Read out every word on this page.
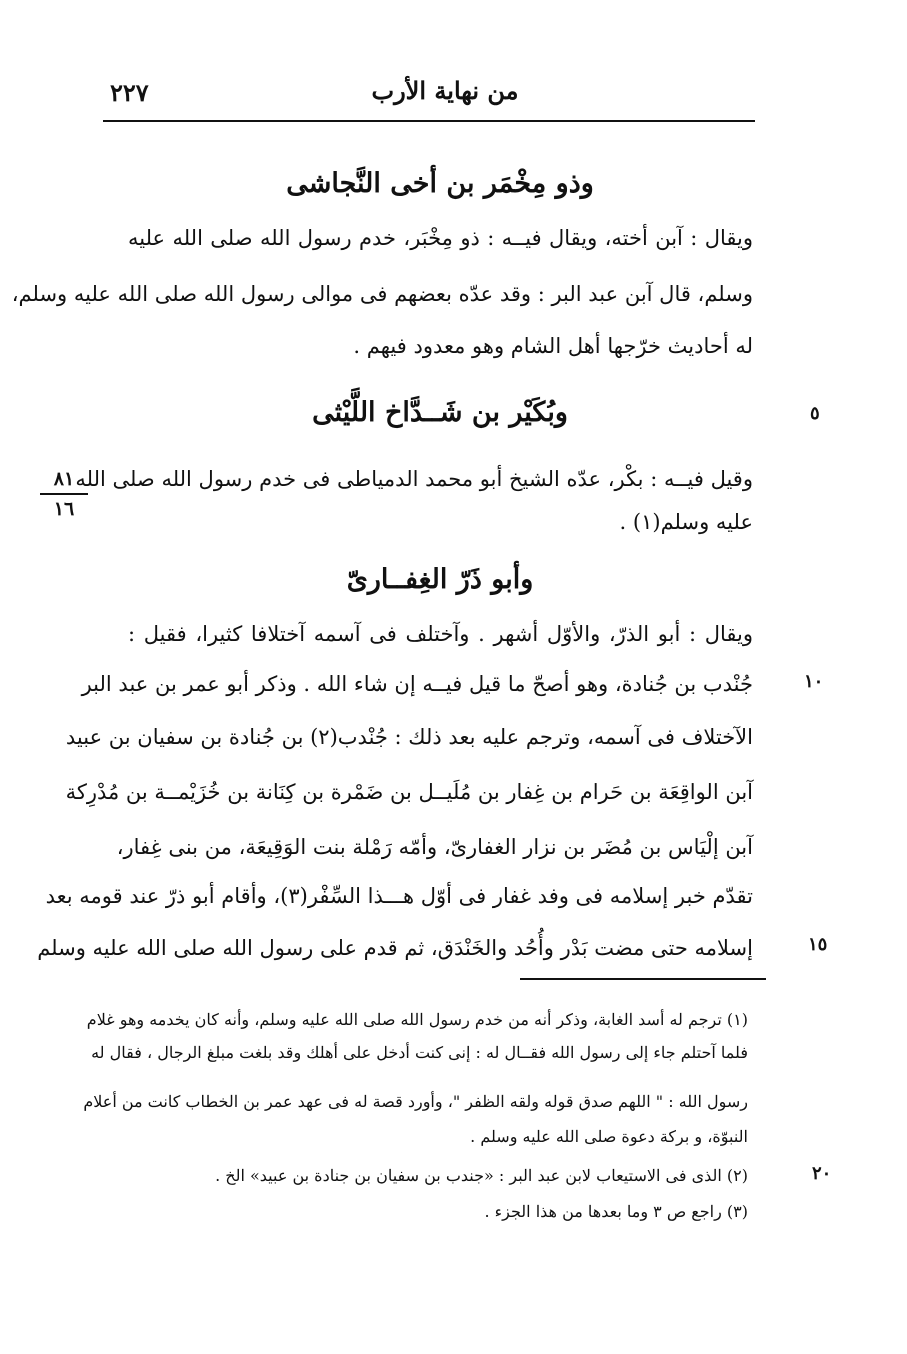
من نهاية الأرب
٢٢٧
وذو مِخْمَر بن أخى النَّجاشى
ويقال : آبن أخته، ويقال فيــه : ذو مِخْبَر، خدم رسول الله صلى الله عليه
وسلم، قال آبن عبد البر : وقد عدّه بعضهم فى موالى رسول الله صلى الله عليه وسلم،
له أحاديث خرّجها أهل الشام وهو معدود فيهم .
وبُكَيْر بن شَــدَّاخ اللَّيْثى	٥
وقيل فيــه : بكْر، عدّه الشيخ أبو محمد الدمياطى فى خدم رسول الله صلى الله
عليه وسلم(١) .
٨١
١٦
وأبو ذَرّ الغِفــارىّ
ويقال : أبو الذرّ، والأوّل أشهر . وآختلف فى آسمه آختلافا كثيرا، فقيل :
١٠
جُنْدب بن جُنادة، وهو أصحّ ما قيل فيــه إن شاء الله . وذكر أبو عمر بن عبد البر
الآختلاف فى آسمه، وترجم عليه بعد ذلك : جُنْدب(٢) بن جُنادة بن سفيان بن عبيد
آبن الواقِعَة بن حَرام بن غِفار بن مُلَيــل بن ضَمْرة بن كِنَانة بن خُزَيْمــة بن مُدْرِكة
آبن إلْيَاس بن مُضَر بن نزار الغفارىّ، وأمّه رَمْلة بنت الوَقِيعَة، من بنى غِفار،
تقدّم خبر إسلامه فى وفد غفار فى أوّل هـــذا السِّفْر(٣)، وأقام أبو ذرّ عند قومه بعد
١٥
إسلامه حتى مضت بَدْر وأُحُد والخَنْدَق، ثم قدم على رسول الله صلى الله عليه وسلم
(١) ترجم له أسد الغابة، وذكر أنه من خدم رسول الله صلى الله عليه وسلم، وأنه كان يخدمه وهو غلام
فلما آحتلم جاء إلى رسول الله فقــال له : إنى كنت أدخل على أهلك وقد بلغت مبلغ الرجال ، فقال له
رسول الله : " اللهم صدق قوله ولقه الظفر "، وأورد قصة له فى عهد عمر بن الخطاب كانت من أعلام
النبوّة، و بركة دعوة صلى الله عليه وسلم .
٢٠
(٢) الذى فى الاستيعاب لابن عبد البر : «جندب بن سفيان بن جنادة بن عبيد» الخ .
(٣) راجع ص ٣ وما بعدها من هذا الجزء .
